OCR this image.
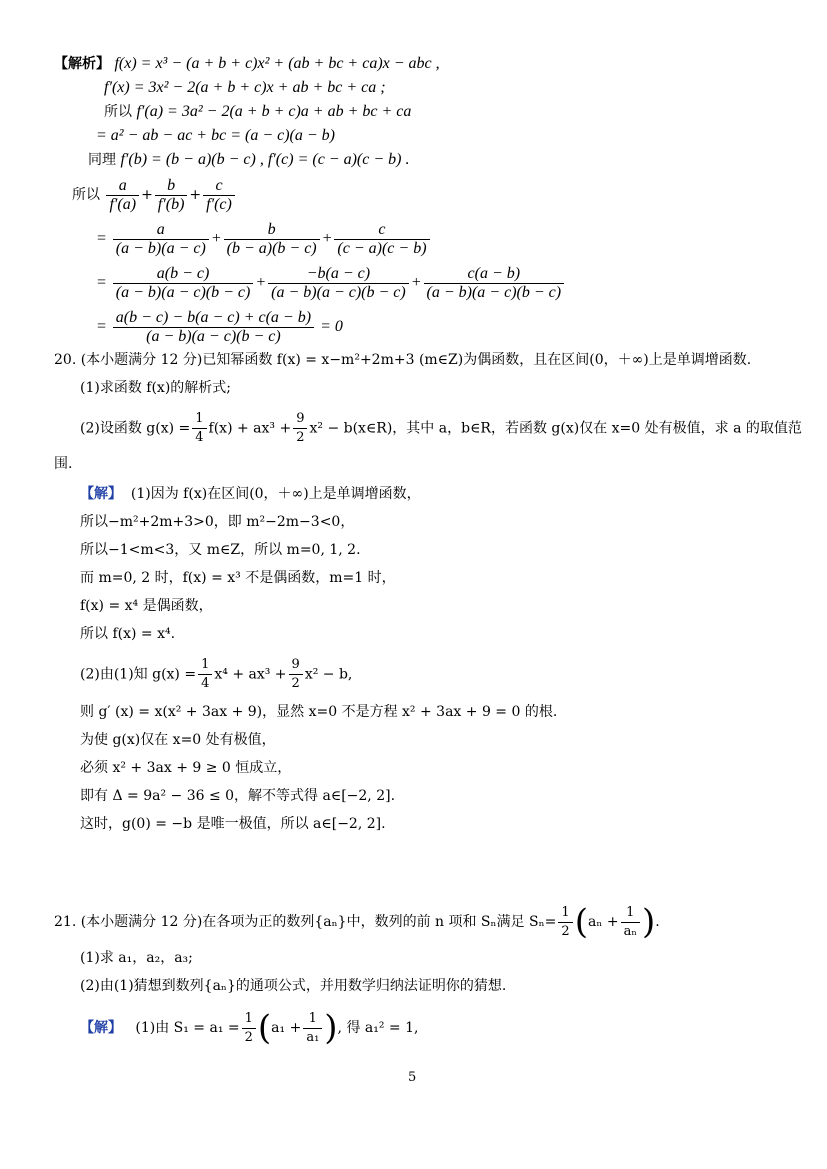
【解析】 f(x) = x³ − (a + b + c)x² + (ab + bc + ca)x − abc ,
f′(x) = 3x² − 2(a + b + c)x + ab + bc + ca ;
所以 f′(a) = 3a² − 2(a + b + c)a + ab + bc + ca
= a² − ab − ac + bc = (a − c)(a − b)
同理 f′(b) = (b − a)(b − c) , f′(c) = (c − a)(c − b) .
所以 $\frac{a}{f'(a)} + \frac{b}{f'(b)} + \frac{c}{f'(c)}$
= $\frac{a}{(a - b)(a - c)} + \frac{b}{(b - a)(b - c)} + \frac{c}{(c - a)(c - b)}$
= $\frac{a(b - c)}{(a - b)(a - c)(b - c)} + \frac{-b(a - c)}{(a - b)(a - c)(b - c)} + \frac{c(a - b)}{(a - b)(a - c)(b - c)}$
= $\frac{a(b - c) - b(a - c) + c(a - b)}{(a - b)(a - c)(b - c)} = 0$
20. (本小题满分 12 分)已知幂函数 f(x) = x−m²+2m+3 (m∈Z)为偶函数，且在区间(0，＋∞)上是单调增函数.
(1)求函数 f(x)的解析式;
(2)设函数 $g(x) = \frac{1}{4} f(x) + ax^3 + \frac{9}{2} x^2$ − b(x∈R)，其中 a，b∈R，若函数 g(x)仅在 x=0 处有极值，求 a 的取值范
围.
【解】 (1)因为 f(x)在区间(0，＋∞)上是单调增函数，
所以−m²+2m+3>0，即 m²−2m−3<0，
所以−1<m<3，又 m∈Z，所以 m=0, 1, 2.
而 m=0, 2 时，f(x) = x³ 不是偶函数，m=1 时，
f(x) = x⁴ 是偶函数，
所以 f(x) = x⁴.
(2)由(1)知 $g(x) = \frac{1}{4} x^4 + ax^3 + \frac{9}{2} x^2 - b$,
则 g′ (x) = x(x² + 3ax + 9)，显然 x=0 不是方程 x² + 3ax + 9 = 0 的根.
为使 g(x)仅在 x=0 处有极值，
必须 x² + 3ax + 9 ≥ 0 恒成立，
即有 Δ = 9a² − 36 ≤ 0，解不等式得 a∈[−2, 2].
这时，g(0) = −b 是唯一极值，所以 a∈[−2, 2].
21. (本小题满分 12 分)在各项为正的数列{aₙ}中，数列的前 n 项和 Sₙ满足 $S_n= \frac{1}{2} (a_n + \frac{1}{\text{aₙ}}$ ).
(1)求 a₁，a₂，a₃;
(2)由(1)猜想到数列{aₙ}的通项公式，并用数学归纳法证明你的猜想.
【解】 (1)由 $S_1 = a_1 = \frac{1}{2} (a_1 + \frac{1}{\text{a₁}}$ ), 得 a₁² = 1,
5
